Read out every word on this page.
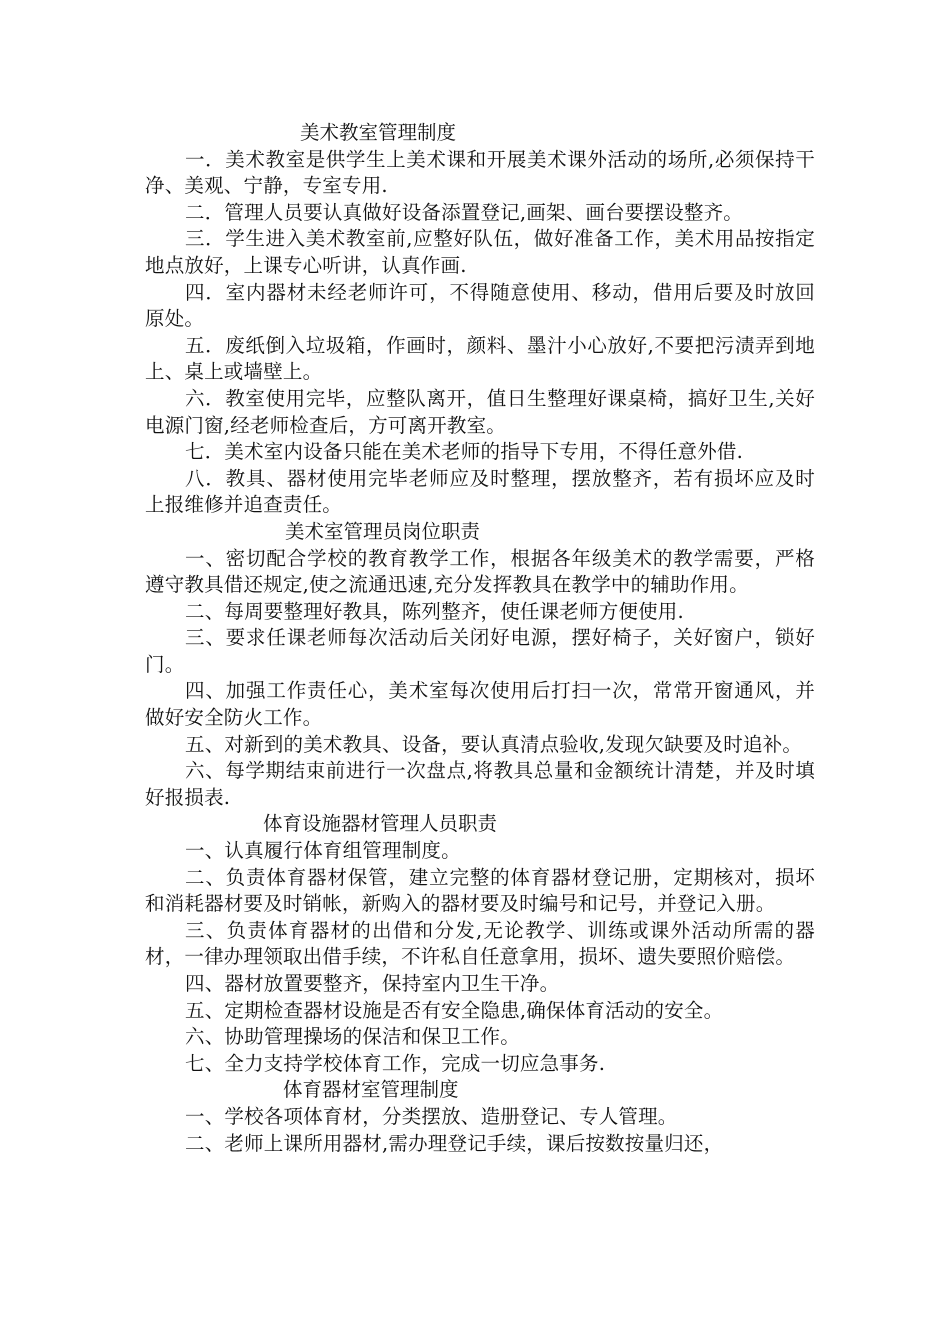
美术教室管理制度

一．美术教室是供学生上美术课和开展美术课外活动的场所,必须保持干净、美观、宁静，专室专用.

二．管理人员要认真做好设备添置登记,画架、画台要摆设整齐。

三．学生进入美术教室前,应整好队伍，做好准备工作，美术用品按指定地点放好，上课专心听讲，认真作画.

四．室内器材未经老师许可，不得随意使用、移动，借用后要及时放回原处。

五．废纸倒入垃圾箱，作画时，颜料、墨汁小心放好,不要把污渍弄到地上、桌上或墙壁上。

六．教室使用完毕，应整队离开，值日生整理好课桌椅，搞好卫生,关好电源门窗,经老师检查后，方可离开教室。

七．美术室内设备只能在美术老师的指导下专用，不得任意外借.

八．教具、器材使用完毕老师应及时整理，摆放整齐，若有损坏应及时上报维修并追查责任。

美术室管理员岗位职责

一、密切配合学校的教育教学工作，根据各年级美术的教学需要，严格遵守教具借还规定,使之流通迅速,充分发挥教具在教学中的辅助作用。

二、每周要整理好教具，陈列整齐，使任课老师方便使用.

三、要求任课老师每次活动后关闭好电源，摆好椅子，关好窗户，锁好门。

四、加强工作责任心，美术室每次使用后打扫一次，常常开窗通风，并做好安全防火工作。

五、对新到的美术教具、设备，要认真清点验收,发现欠缺要及时追补。

六、每学期结束前进行一次盘点,将教具总量和金额统计清楚，并及时填好报损表.

体育设施器材管理人员职责

一、认真履行体育组管理制度。

二、负责体育器材保管，建立完整的体育器材登记册，定期核对，损坏和消耗器材要及时销帐，新购入的器材要及时编号和记号，并登记入册。

三、负责体育器材的出借和分发,无论教学、训练或课外活动所需的器材，一律办理领取出借手续，不许私自任意拿用，损坏、遗失要照价赔偿。

四、器材放置要整齐，保持室内卫生干净。

五、定期检查器材设施是否有安全隐患,确保体育活动的安全。

六、协助管理操场的保洁和保卫工作。

七、全力支持学校体育工作，完成一切应急事务.

体育器材室管理制度

一、学校各项体育材，分类摆放、造册登记、专人管理。

二、老师上课所用器材,需办理登记手续，课后按数按量归还，
